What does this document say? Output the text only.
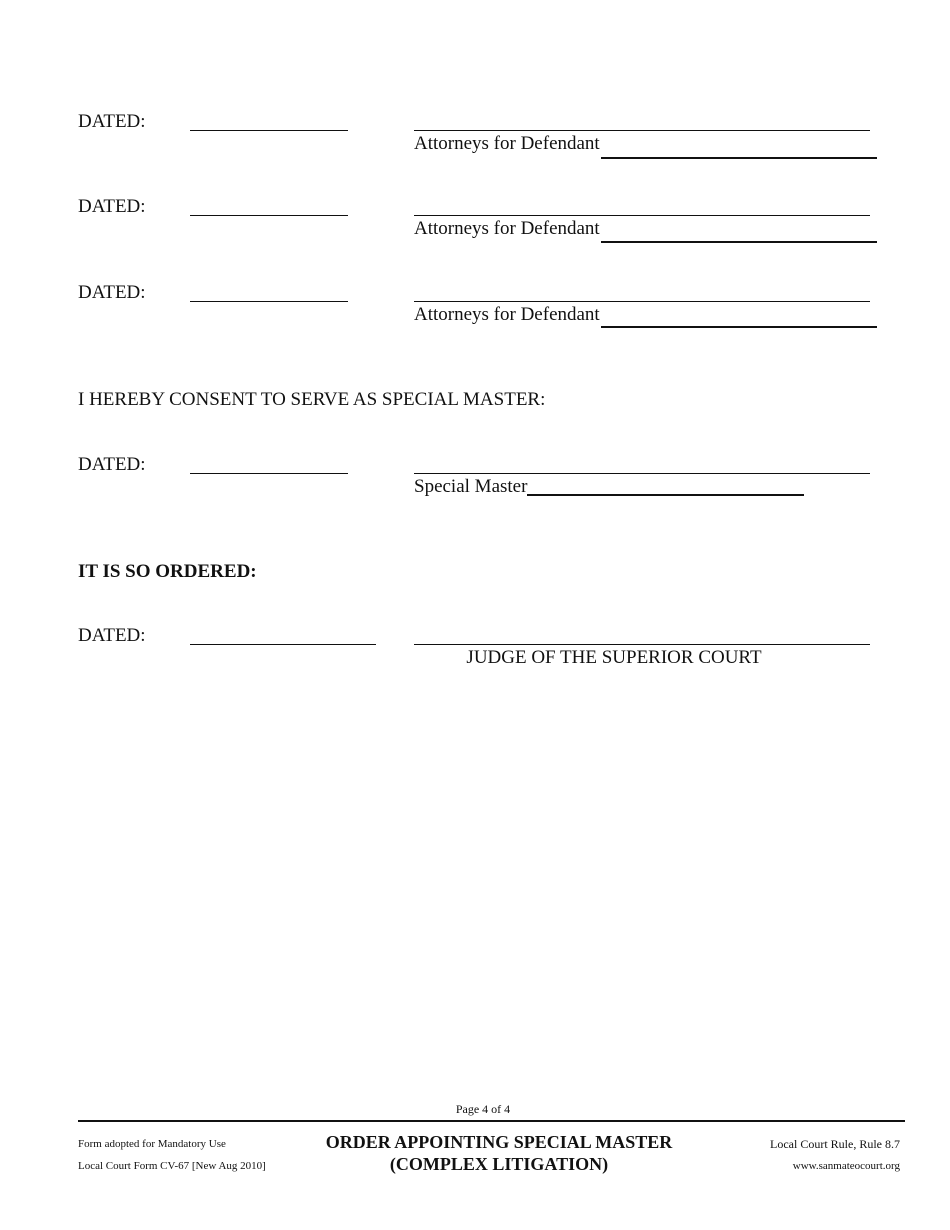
DATED:
Attorneys for Defendant
DATED:
Attorneys for Defendant
DATED:
Attorneys for Defendant
I HEREBY CONSENT TO SERVE AS SPECIAL MASTER:
DATED:
Special Master
IT IS SO ORDERED:
DATED:
JUDGE OF THE SUPERIOR COURT
Page 4 of 4
Form adopted for Mandatory Use
Local Court Form CV-67 [New Aug 2010]
ORDER APPOINTING SPECIAL MASTER
(COMPLEX LITIGATION)
Local Court Rule, Rule 8.7
www.sanmateocourt.org
